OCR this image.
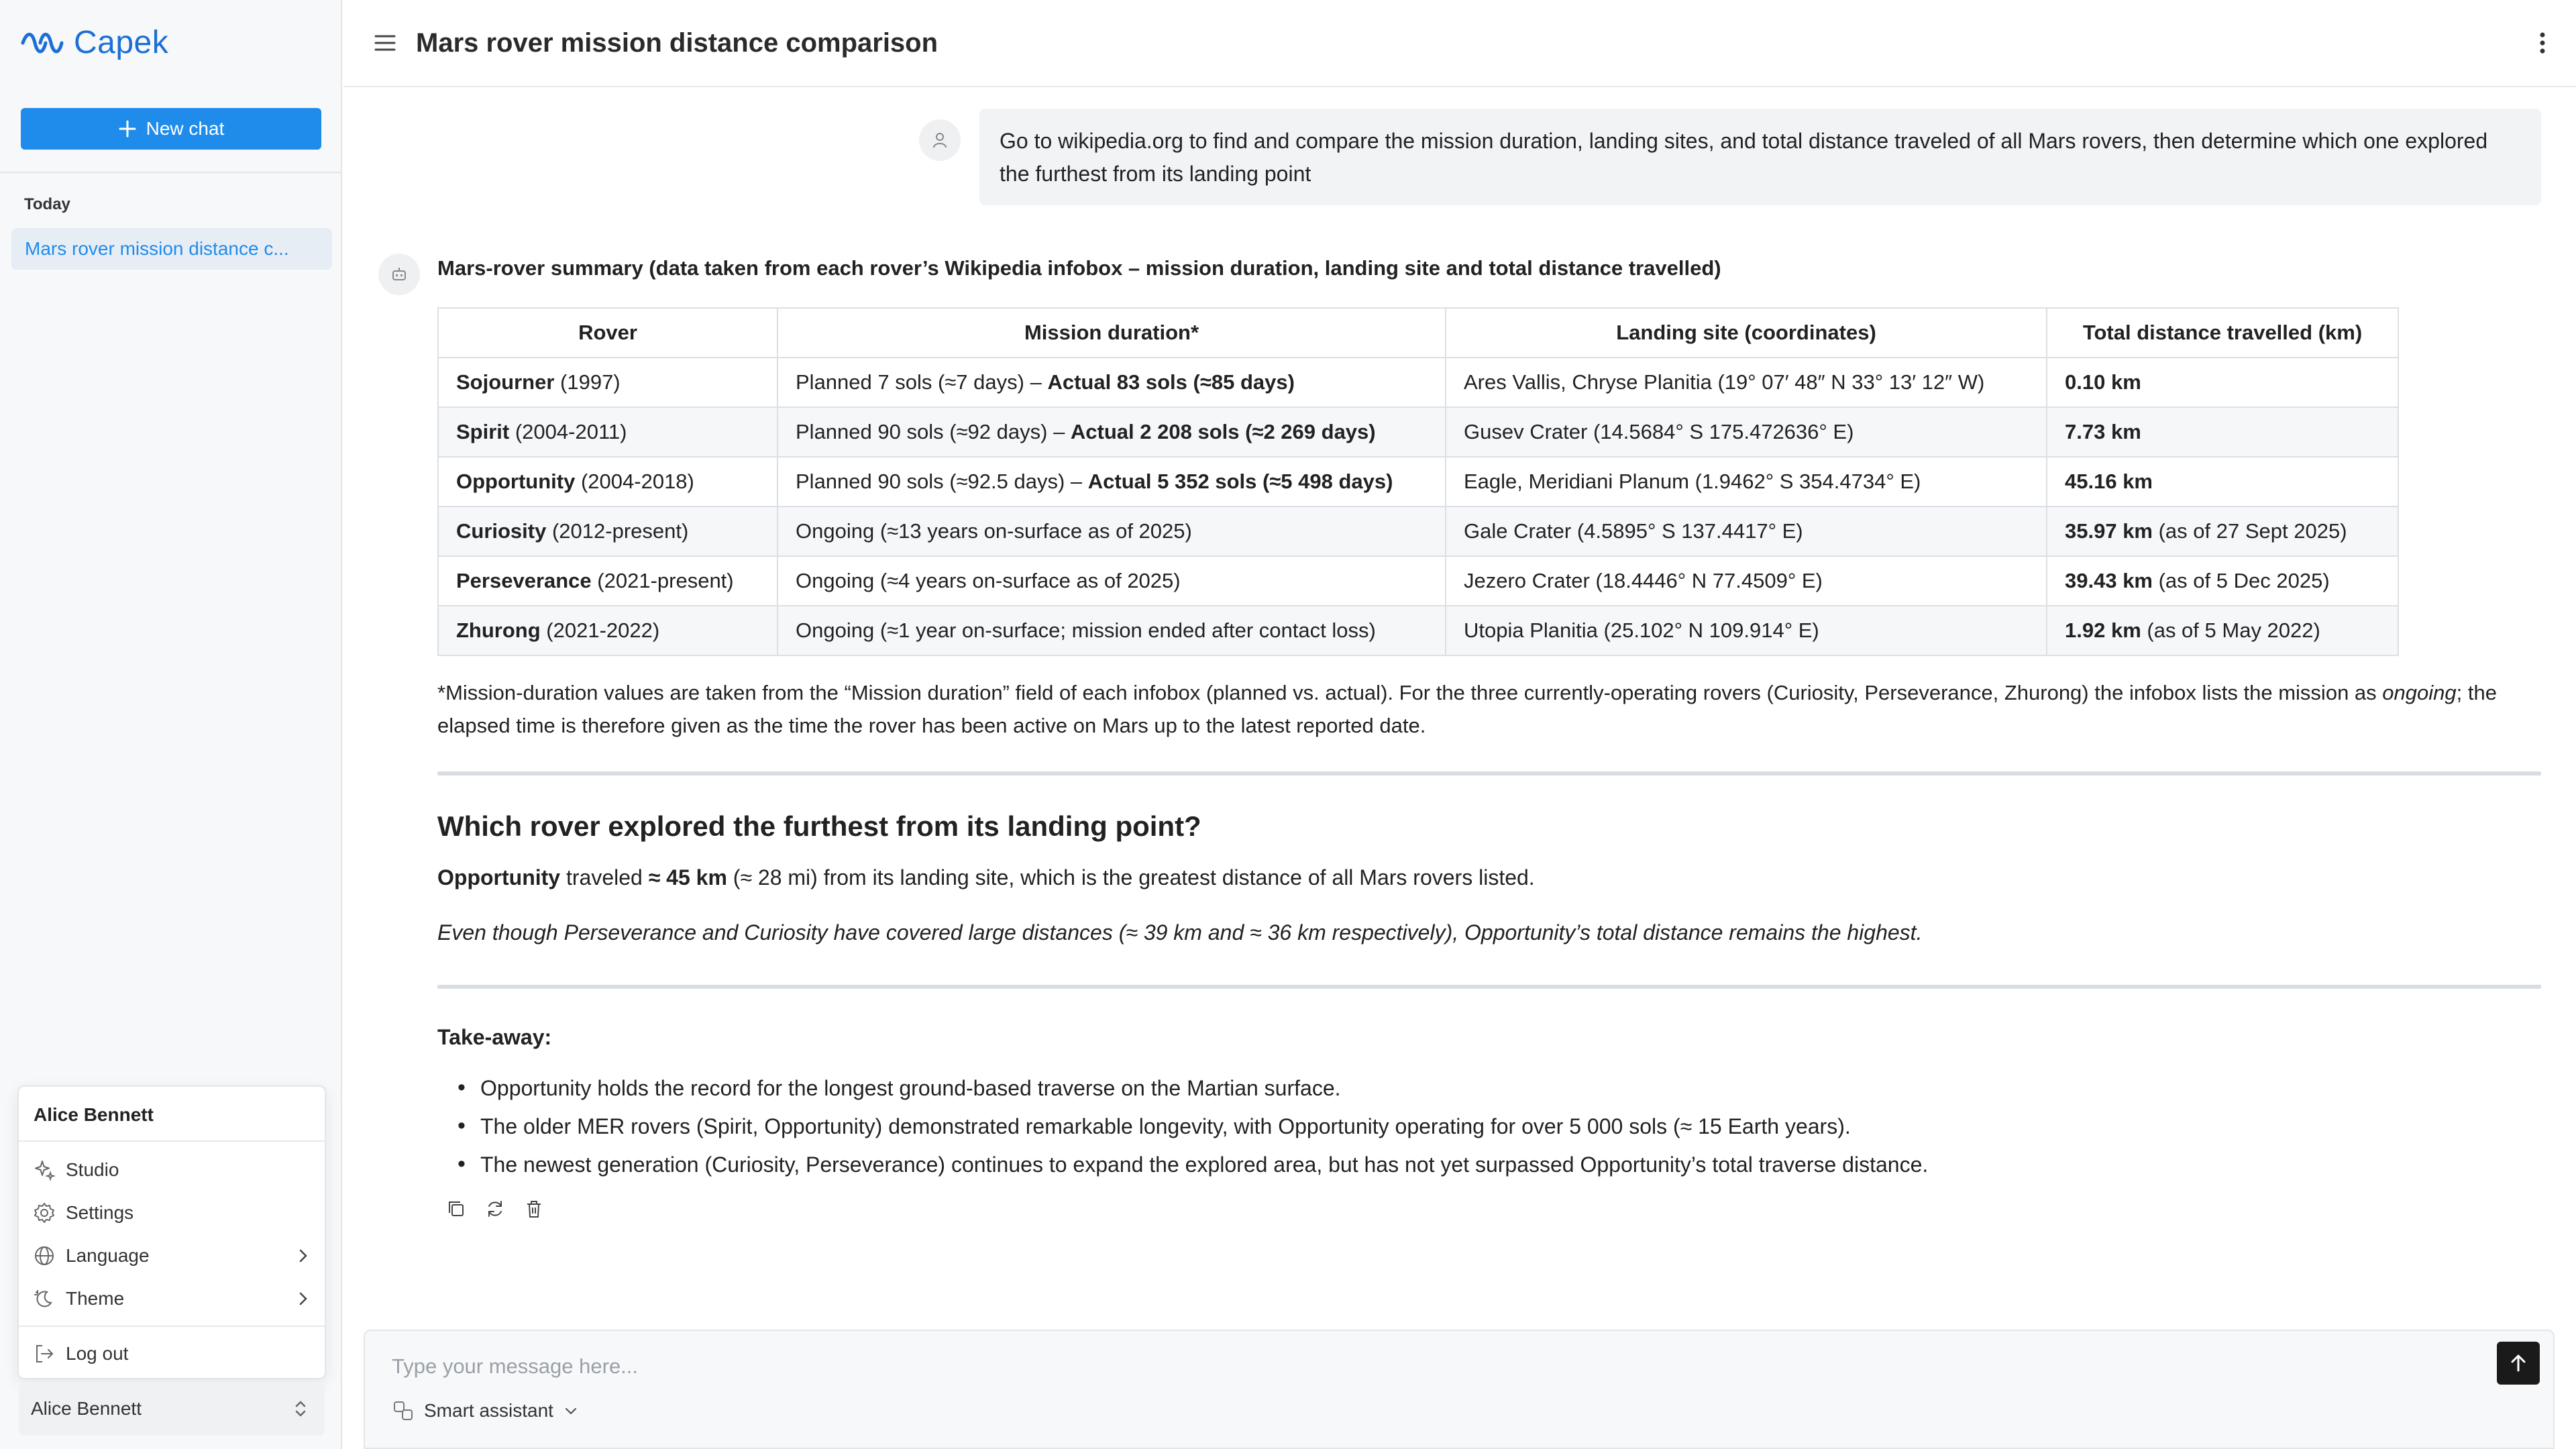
Capek
New chat
Today
Mars rover mission distance c...
Alice Bennett
Studio
Settings
Language
Theme
Log out
Alice Bennett
Mars rover mission distance comparison
Go to wikipedia.org to find and compare the mission duration, landing sites, and total distance traveled of all Mars rovers, then determine which one explored the furthest from its landing point
Mars-rover summary (data taken from each rover’s Wikipedia infobox – mission duration, landing site and total distance travelled)
Rover	Mission duration*	Landing site (coordinates)	Total distance travelled (km)
Sojourner (1997)	Planned 7 sols (≈7 days) – Actual 83 sols (≈85 days)	Ares Vallis, Chryse Planitia (19° 07′ 48″ N 33° 13′ 12″ W)	0.10 km
Spirit (2004-2011)	Planned 90 sols (≈92 days) – Actual 2 208 sols (≈2 269 days)	Gusev Crater (14.5684° S 175.472636° E)	7.73 km
Opportunity (2004-2018)	Planned 90 sols (≈92.5 days) – Actual 5 352 sols (≈5 498 days)	Eagle, Meridiani Planum (1.9462° S 354.4734° E)	45.16 km
Curiosity (2012-present)	Ongoing (≈13 years on-surface as of 2025)	Gale Crater (4.5895° S 137.4417° E)	35.97 km (as of 27 Sept 2025)
Perseverance (2021-present)	Ongoing (≈4 years on-surface as of 2025)	Jezero Crater (18.4446° N 77.4509° E)	39.43 km (as of 5 Dec 2025)
Zhurong (2021-2022)	Ongoing (≈1 year on-surface; mission ended after contact loss)	Utopia Planitia (25.102° N 109.914° E)	1.92 km (as of 5 May 2022)
*Mission-duration values are taken from the “Mission duration” field of each infobox (planned vs. actual). For the three currently-operating rovers (Curiosity, Perseverance, Zhurong) the infobox lists the mission as ongoing; the elapsed time is therefore given as the time the rover has been active on Mars up to the latest reported date.
Which rover explored the furthest from its landing point?
Opportunity traveled ≈ 45 km (≈ 28 mi) from its landing site, which is the greatest distance of all Mars rovers listed.
Even though Perseverance and Curiosity have covered large distances (≈ 39 km and ≈ 36 km respectively), Opportunity’s total distance remains the highest.
Take-away:
• Opportunity holds the record for the longest ground-based traverse on the Martian surface.
• The older MER rovers (Spirit, Opportunity) demonstrated remarkable longevity, with Opportunity operating for over 5 000 sols (≈ 15 Earth years).
• The newest generation (Curiosity, Perseverance) continues to expand the explored area, but has not yet surpassed Opportunity’s total traverse distance.
Type your message here...
Smart assistant
